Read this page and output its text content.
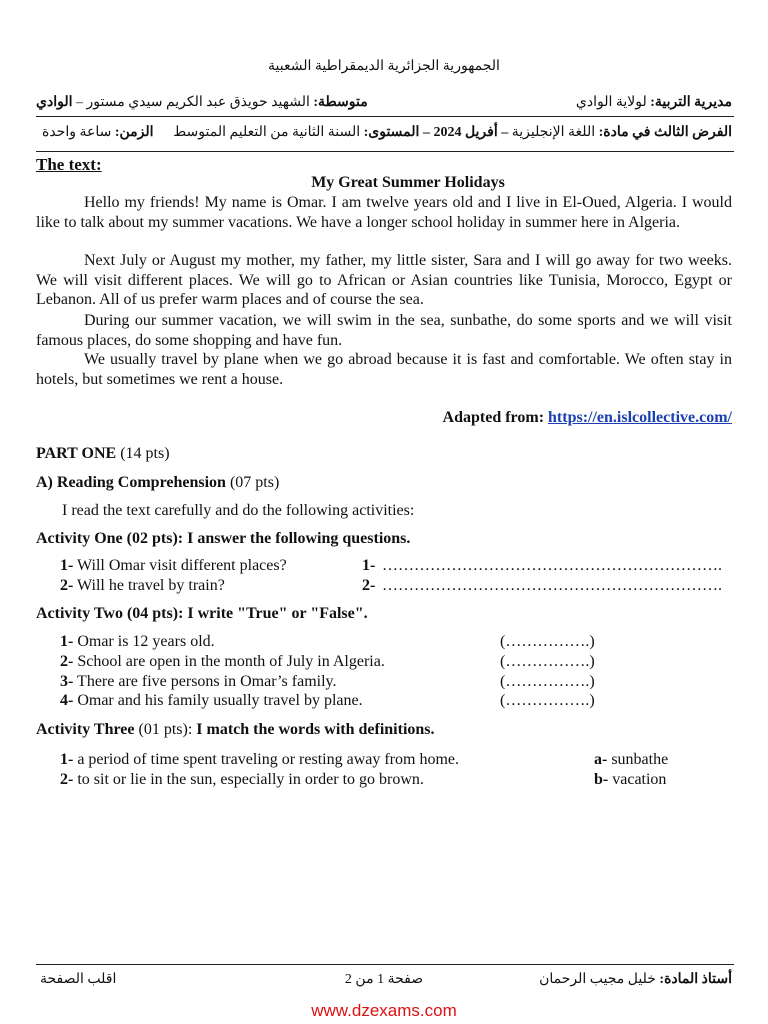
الجمهورية الجزائرية الديمقراطية الشعبية
مديرية التربية: لولاية الوادي
متوسطة: الشهيد حويذق عبد الكريم سيدي مستور – الوادي
الفرض الثالث في مادة: اللغة الإنجليزية – أفريل 2024 – المستوى: السنة الثانية من التعليم المتوسط
الزمن: ساعة واحدة
The text:
My Great Summer Holidays

Hello my friends! My name is Omar. I am twelve years old and I live in El-Oued, Algeria. I would like to talk about my summer vacations. We have a longer school holiday in summer here in Algeria.

Next July or August my mother, my father, my little sister, Sara and I will go away for two weeks. We will visit different places. We will go to African or Asian countries like Tunisia, Morocco, Egypt or Lebanon. All of us prefer warm places and of course the sea.

During our summer vacation, we will swim in the sea, sunbathe, do some sports and we will visit famous places, do some shopping and have fun.

We usually travel by plane when we go abroad because it is fast and comfortable. We often stay in hotels, but sometimes we rent a house.

Adapted from: https://en.islcollective.com/
PART ONE (14 pts)
A) Reading Comprehension (07 pts)
I read the text carefully and do the following activities:
Activity One (02 pts): I answer the following questions.
1- Will Omar visit different places?	1- ……………………………………………………….
2- Will he travel by train?	2- ……………………………………………………….
Activity Two (04 pts): I write "True" or "False".
1- Omar is 12 years old.	(…………….)
2- School are open in the month of July in Algeria.	(…………….)
3- There are five persons in Omar’s family.	(…………….)
4- Omar and his family usually travel by plane.	(…………….)
Activity Three (01 pts): I match the words with definitions.
1- a period of time spent traveling or resting away from home.	a- sunbathe
2- to sit or lie in the sun, especially in order to go brown.	b- vacation
أستاذ المادة: خليل مجيب الرحمان
صفحة 1 من 2
اقلب الصفحة
www.dzexams.com
